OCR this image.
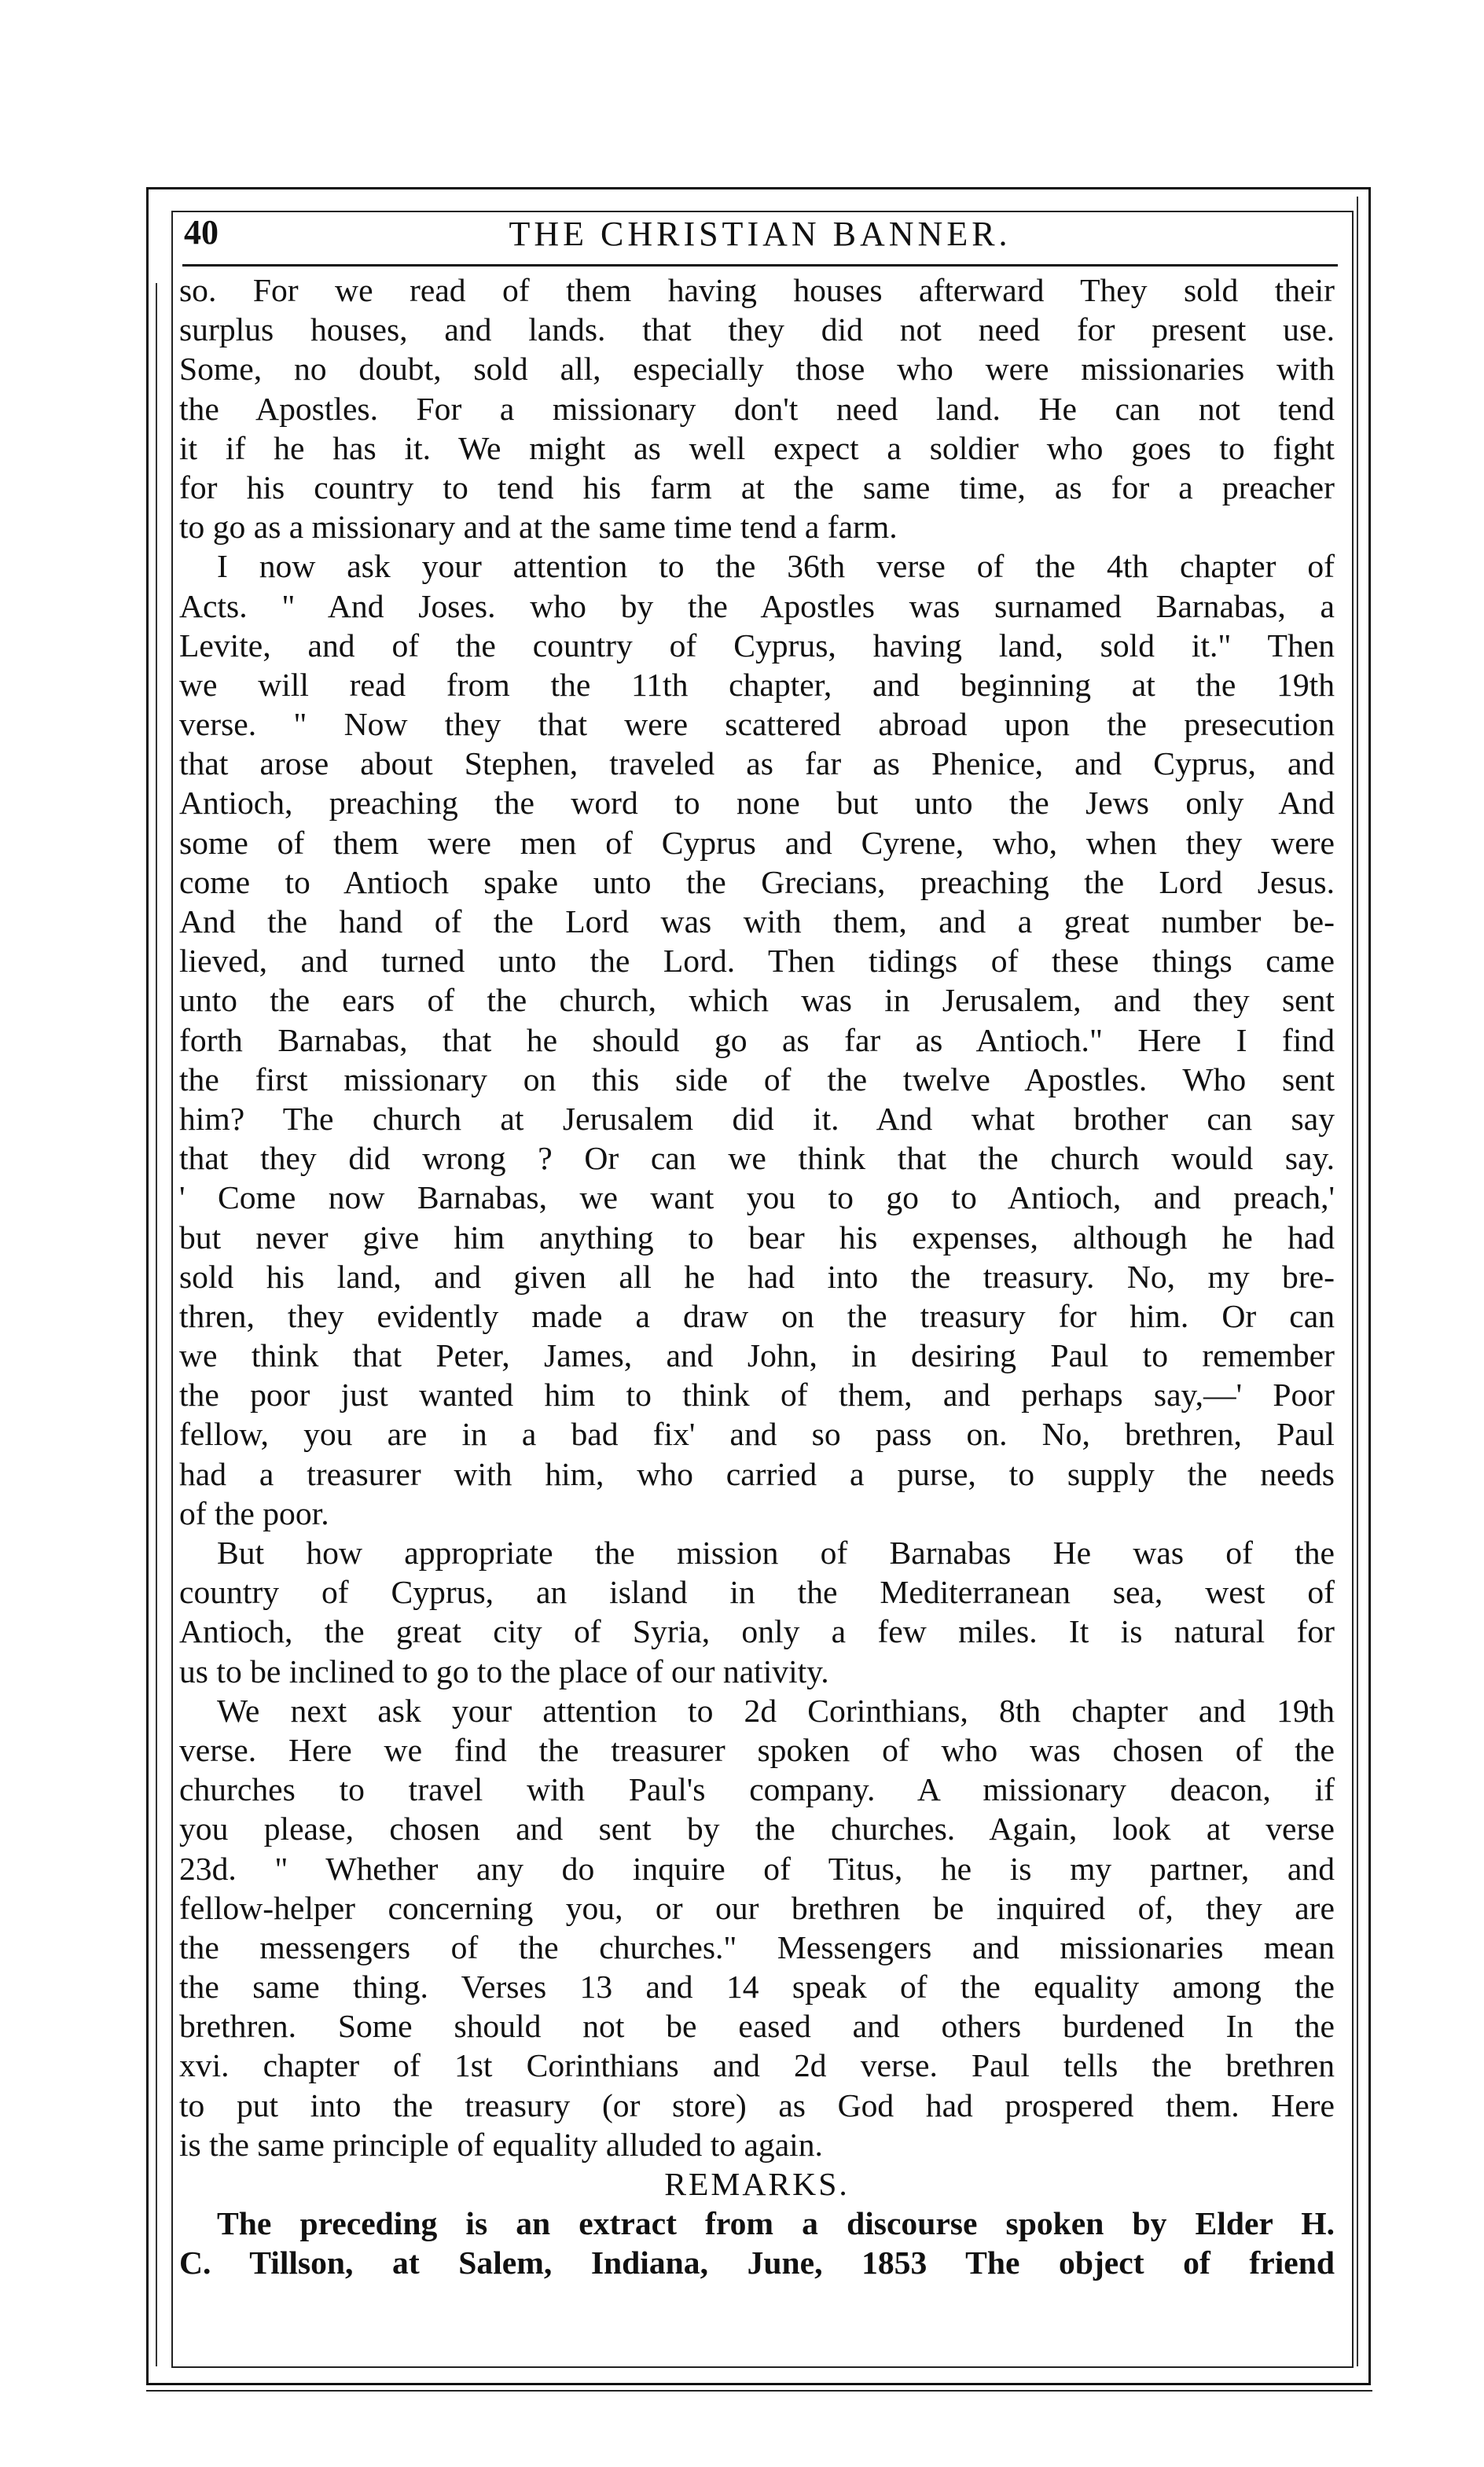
40	THE CHRISTIAN BANNER.
so. For we read of them having houses afterward They sold their
surplus houses, and lands. that they did not need for present use.
Some, no doubt, sold all, especially those who were missionaries with
the Apostles. For a missionary don't need land. He can not tend
it if he has it. We might as well expect a soldier who goes to fight
for his country to tend his farm at the same time, as for a preacher
to go as a missionary and at the same time tend a farm.
I now ask your attention to the 36th verse of the 4th chapter of
Acts. " And Joses. who by the Apostles was surnamed Barnabas, a
Levite, and of the country of Cyprus, having land, sold it." Then
we will read from the 11th chapter, and beginning at the 19th
verse. " Now they that were scattered abroad upon the presecution
that arose about Stephen, traveled as far as Phenice, and Cyprus, and
Antioch, preaching the word to none but unto the Jews only And
some of them were men of Cyprus and Cyrene, who, when they were
come to Antioch spake unto the Grecians, preaching the Lord Jesus.
And the hand of the Lord was with them, and a great number be-
lieved, and turned unto the Lord. Then tidings of these things came
unto the ears of the church, which was in Jerusalem, and they sent
forth Barnabas, that he should go as far as Antioch." Here I find
the first missionary on this side of the twelve Apostles. Who sent
him? The church at Jerusalem did it. And what brother can say
that they did wrong ? Or can we think that the church would say.
' Come now Barnabas, we want you to go to Antioch, and preach,'
but never give him anything to bear his expenses, although he had
sold his land, and given all he had into the treasury. No, my bre-
thren, they evidently made a draw on the treasury for him. Or can
we think that Peter, James, and John, in desiring Paul to remember
the poor just wanted him to think of them, and perhaps say,—' Poor
fellow, you are in a bad fix' and so pass on. No, brethren, Paul
had a treasurer with him, who carried a purse, to supply the needs
of the poor.
But how appropriate the mission of Barnabas He was of the
country of Cyprus, an island in the Mediterranean sea, west of
Antioch, the great city of Syria, only a few miles. It is natural for
us to be inclined to go to the place of our nativity.
We next ask your attention to 2d Corinthians, 8th chapter and 19th
verse. Here we find the treasurer spoken of who was chosen of the
churches to travel with Paul's company. A missionary deacon, if
you please, chosen and sent by the churches. Again, look at verse
23d. " Whether any do inquire of Titus, he is my partner, and
fellow-helper concerning you, or our brethren be inquired of, they are
the messengers of the churches." Messengers and missionaries mean
the same thing. Verses 13 and 14 speak of the equality among the
brethren. Some should not be eased and others burdened In the
xvi. chapter of 1st Corinthians and 2d verse. Paul tells the brethren
to put into the treasury (or store) as God had prospered them. Here
is the same principle of equality alluded to again.
REMARKS.
The preceding is an extract from a discourse spoken by Elder H.
C. Tillson, at Salem, Indiana, June, 1853 The object of friend
